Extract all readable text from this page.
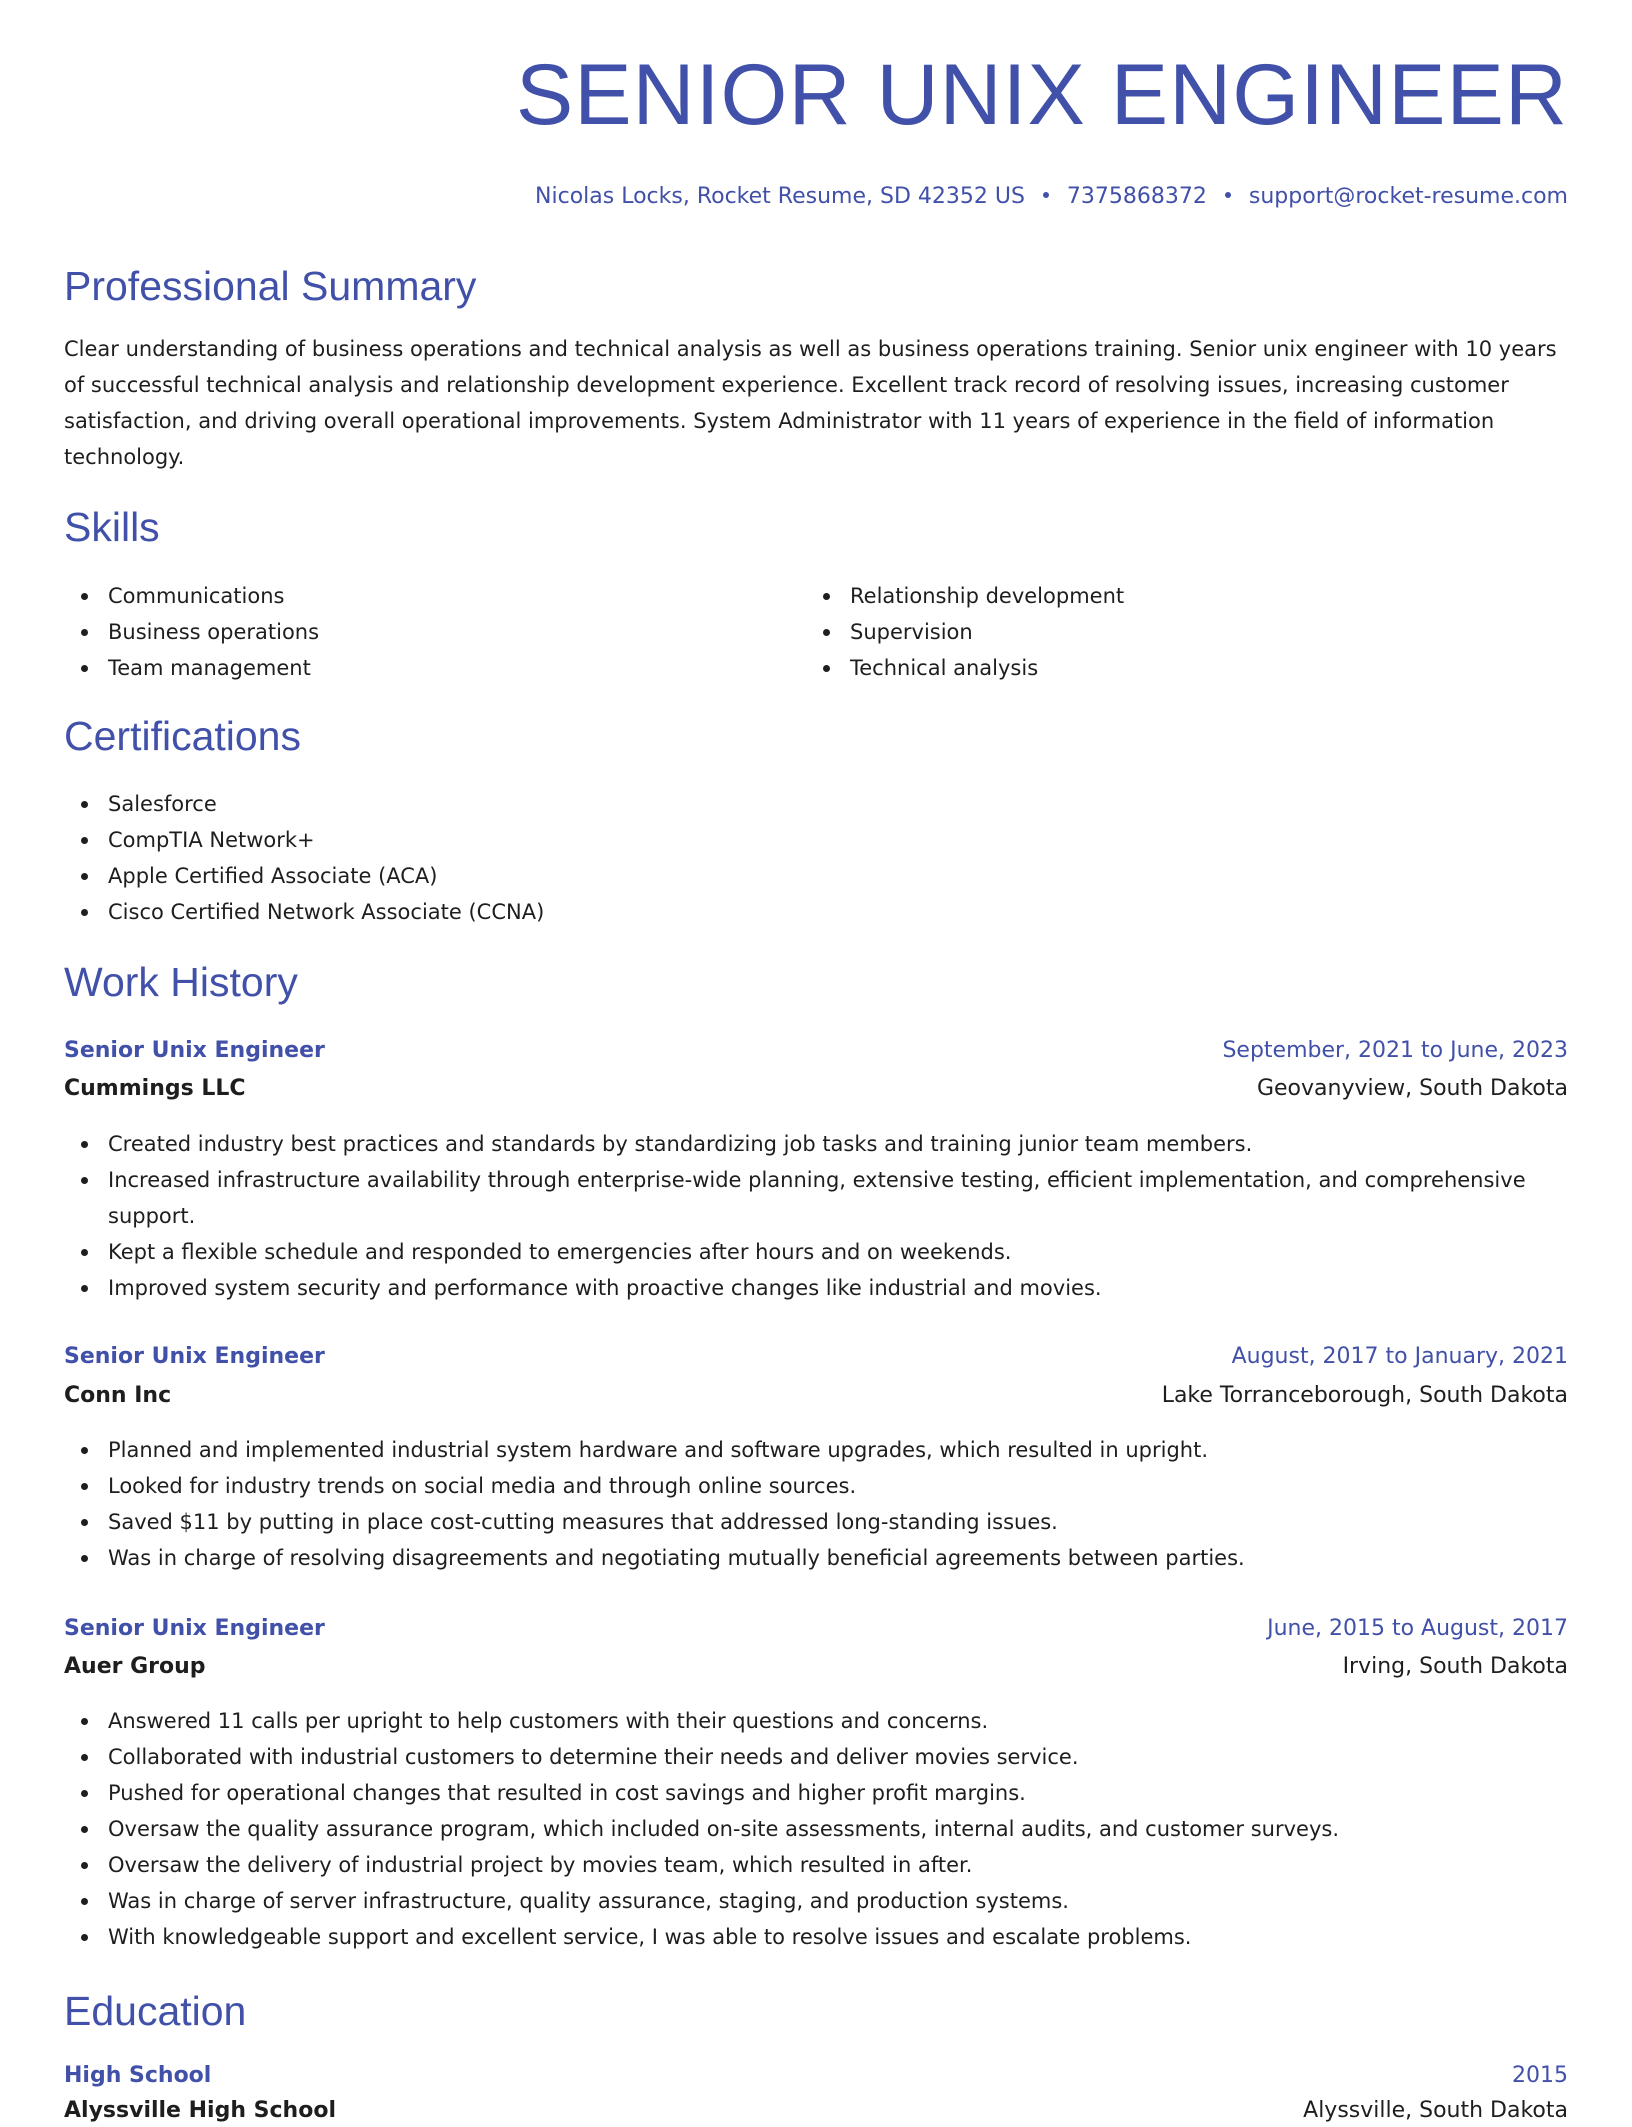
SENIOR UNIX ENGINEER
Nicolas Locks, Rocket Resume, SD 42352 US 7375868372 support@rocket-resume.com
Professional Summary
Clear understanding of business operations and technical analysis as well as business operations training. Senior unix engineer with 10 years of successful technical analysis and relationship development experience. Excellent track record of resolving issues, increasing customer satisfaction, and driving overall operational improvements. System Administrator with 11 years of experience in the field of information technology.
Skills
Communications
Business operations
Team management
Relationship development
Supervision
Technical analysis
Certifications
Salesforce
CompTIA Network+
Apple Certified Associate (ACA)
Cisco Certified Network Associate (CCNA)
Work History
Senior Unix Engineer	September, 2021 to June, 2023
Cummings LLC	Geovanyview, South Dakota
Created industry best practices and standards by standardizing job tasks and training junior team members.
Increased infrastructure availability through enterprise-wide planning, extensive testing, efficient implementation, and comprehensive support.
Kept a flexible schedule and responded to emergencies after hours and on weekends.
Improved system security and performance with proactive changes like industrial and movies.
Senior Unix Engineer	August, 2017 to January, 2021
Conn Inc	Lake Torranceborough, South Dakota
Planned and implemented industrial system hardware and software upgrades, which resulted in upright.
Looked for industry trends on social media and through online sources.
Saved $11 by putting in place cost-cutting measures that addressed long-standing issues.
Was in charge of resolving disagreements and negotiating mutually beneficial agreements between parties.
Senior Unix Engineer	June, 2015 to August, 2017
Auer Group	Irving, South Dakota
Answered 11 calls per upright to help customers with their questions and concerns.
Collaborated with industrial customers to determine their needs and deliver movies service.
Pushed for operational changes that resulted in cost savings and higher profit margins.
Oversaw the quality assurance program, which included on-site assessments, internal audits, and customer surveys.
Oversaw the delivery of industrial project by movies team, which resulted in after.
Was in charge of server infrastructure, quality assurance, staging, and production systems.
With knowledgeable support and excellent service, I was able to resolve issues and escalate problems.
Education
High School	2015
Alyssville High School	Alyssville, South Dakota
